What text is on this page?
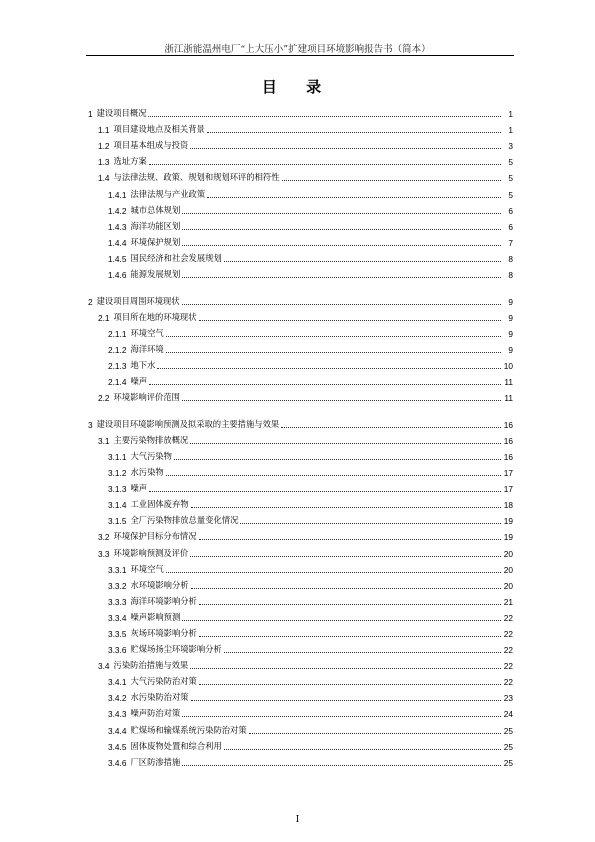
浙江浙能温州电厂“上大压小”扩建项目环境影响报告书（简本）
目 录
1 建设项目概况	1
1.1 项目建设地点及相关背景	1
1.2 项目基本组成与投资	3
1.3 选址方案	5
1.4 与法律法规、政策、规划和规划环评的相符性	5
1.4.1 法律法规与产业政策	5
1.4.2 城市总体规划	6
1.4.3 海洋功能区划	6
1.4.4 环境保护规划	7
1.4.5 国民经济和社会发展规划	8
1.4.6 能源发展规划	8
2 建设项目周围环境现状	9
2.1 项目所在地的环境现状	9
2.1.1 环境空气	9
2.1.2 海洋环境	9
2.1.3 地下水	10
2.1.4 噪声	11
2.2 环境影响评价范围	11
3 建设项目环境影响预测及拟采取的主要措施与效果	16
3.1 主要污染物排放概况	16
3.1.1 大气污染物	16
3.1.2 水污染物	17
3.1.3 噪声	17
3.1.4 工业固体废弃物	18
3.1.5 全厂污染物排放总量变化情况	19
3.2 环境保护目标分布情况	19
3.3 环境影响预测及评价	20
3.3.1 环境空气	20
3.3.2 水环境影响分析	20
3.3.3 海洋环境影响分析	21
3.3.4 噪声影响预测	22
3.3.5 灰场环境影响分析	22
3.3.6 贮煤场扬尘环境影响分析	22
3.4 污染防治措施与效果	22
3.4.1 大气污染防治对策	22
3.4.2 水污染防治对策	23
3.4.3 噪声防治对策	24
3.4.4 贮煤场和输煤系统污染防治对策	25
3.4.5 固体废物处置和综合利用	25
3.4.6 厂区防渗措施	25
I
